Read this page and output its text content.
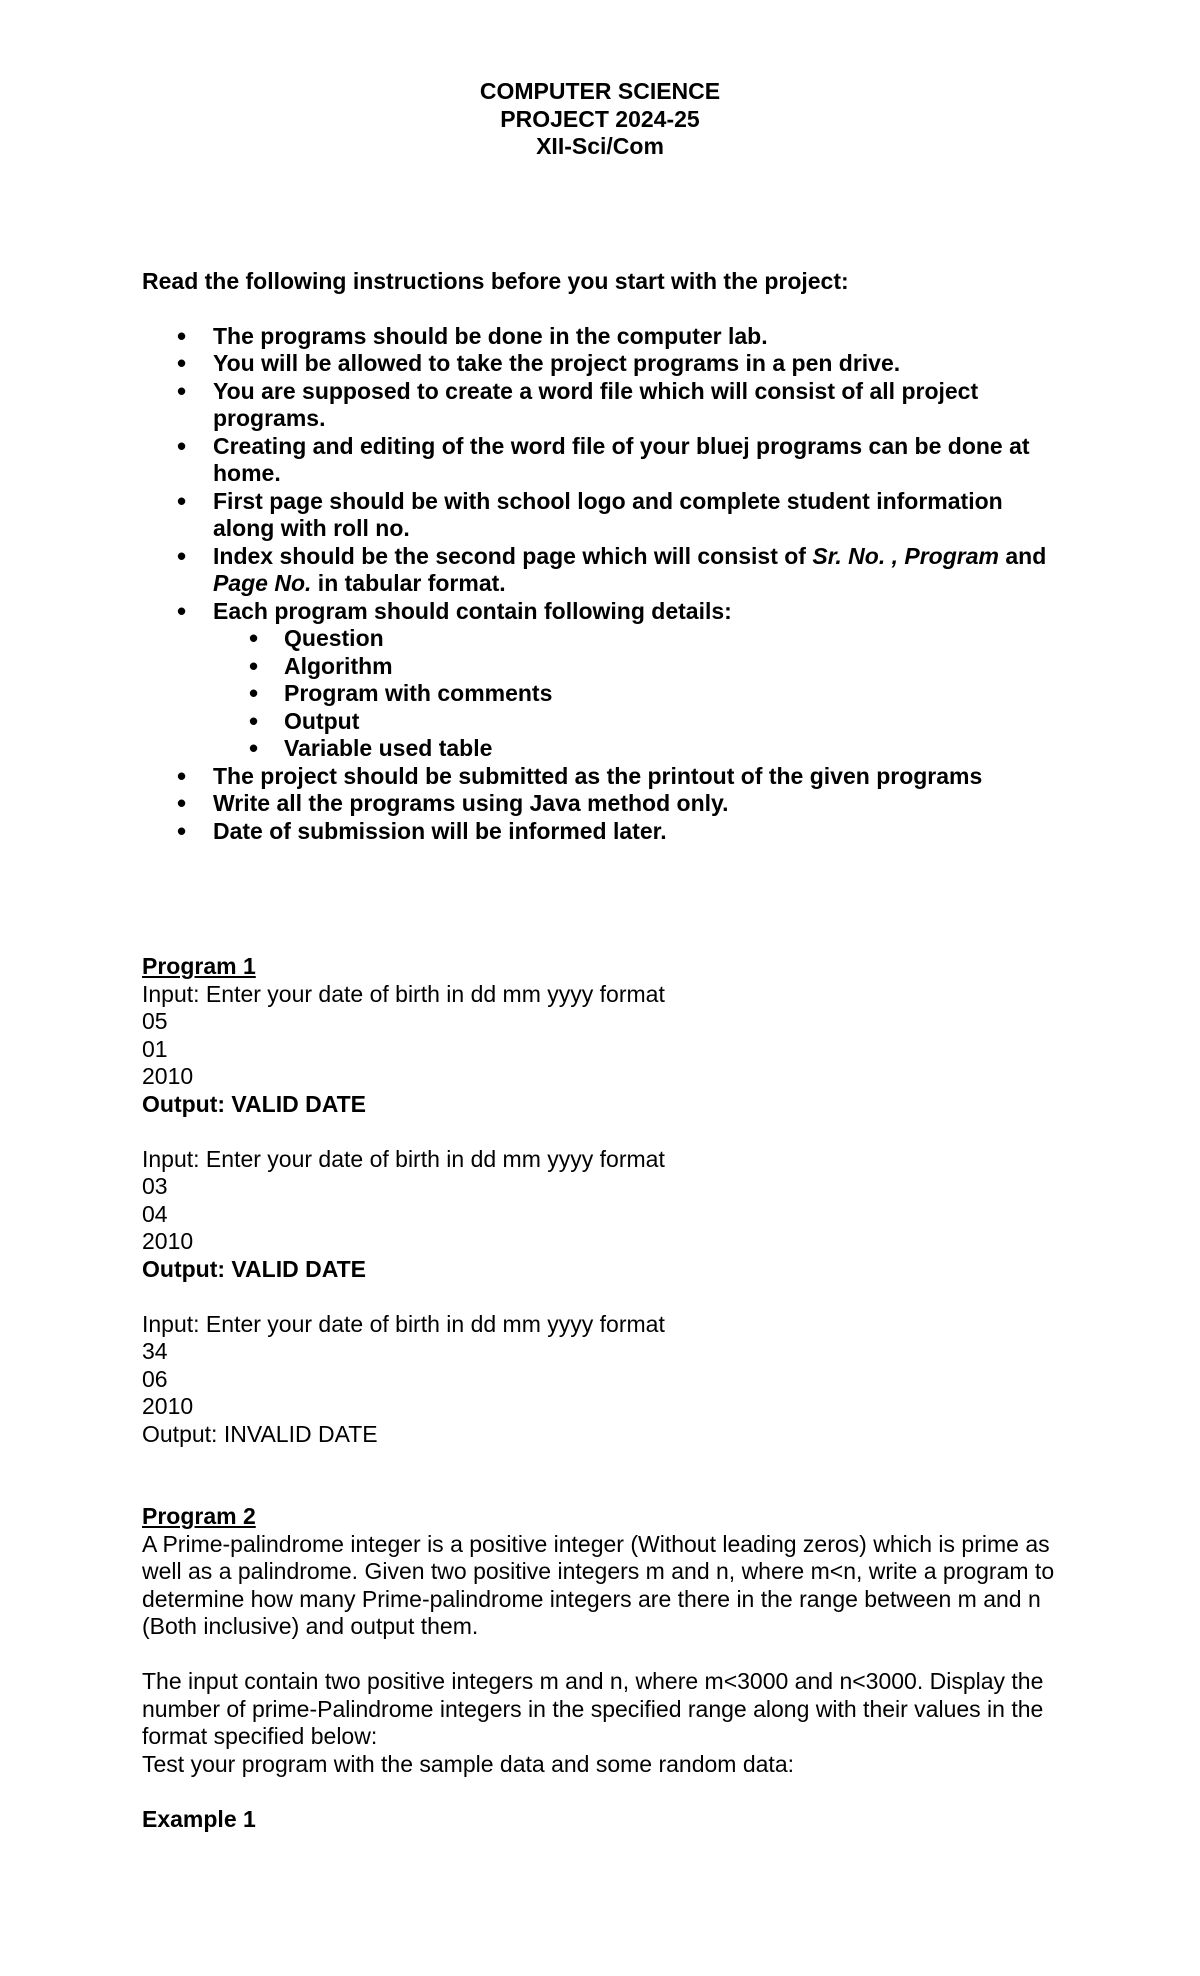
COMPUTER SCIENCE
PROJECT 2024-25
XII-Sci/Com

Read the following instructions before you start with the project:

• The programs should be done in the computer lab.
• You will be allowed to take the project programs in a pen drive.
• You are supposed to create a word file which will consist of all project programs.
• Creating and editing of the word file of your bluej programs can be done at home.
• First page should be with school logo and complete student information along with roll no.
• Index should be the second page which will consist of Sr. No. , Program and Page No. in tabular format.
• Each program should contain following details:
• Question
• Algorithm
• Program with comments
• Output
• Variable used table
• The project should be submitted as the printout of the given programs
• Write all the programs using Java method only.
• Date of submission will be informed later.
Program 1
Input: Enter your date of birth in dd mm yyyy format
05
01
2010
Output: VALID DATE
Input: Enter your date of birth in dd mm yyyy format
03
04
2010
Output: VALID DATE
Input: Enter your date of birth in dd mm yyyy format
34
06
2010
Output: INVALID DATE
Program 2

A Prime-palindrome integer is a positive integer (Without leading zeros) which is prime as well as a palindrome. Given two positive integers m and n, where m<n, write a program to determine how many Prime-palindrome integers are there in the range between m and n (Both inclusive) and output them.

The input contain two positive integers m and n, where m<3000 and n<3000. Display the number of prime-Palindrome integers in the specified range along with their values in the format specified below:

Test your program with the sample data and some random data:

Example 1
